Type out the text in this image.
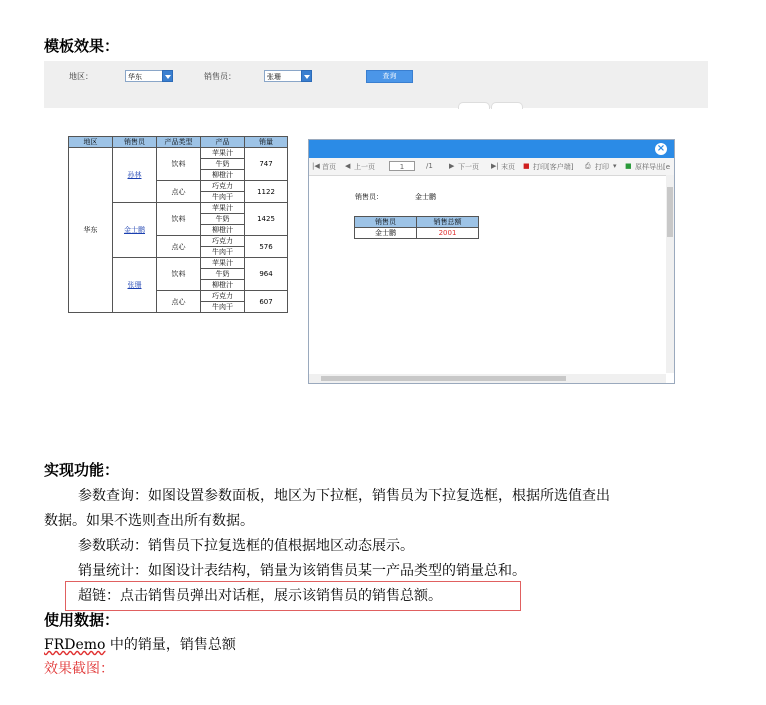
模板效果：
地区：	华东	销售员：	张珊	查询
地区	销售员	产品类型	产品	销量
华东	孙林	饮料	苹果汁	747
			牛奶	
			柳橙汁	
		点心	巧克力	1122
			牛肉干	
	金士鹏	饮料	苹果汁	1425
			牛奶	
			柳橙汁	
		点心	巧克力	576
			牛肉干	
	张珊	饮料	苹果汁	964
			牛奶	
			柳橙汁	
		点心	巧克力	607
			牛肉干	
×
|◀ 首页 ◀ 上一页	1	/1 ▶ 下一页 ▶| 末页 ■ 打印[客户端] ⎙ 打印 ▾ ■ 原样导出[e
销售员：	金士鹏
销售员	销售总额
金士鹏	2001
实现功能：
参数查询：如图设置参数面板，地区为下拉框，销售员为下拉复选框，根据所选值查出
数据。如果不选则查出所有数据。
参数联动：销售员下拉复选框的值根据地区动态展示。
销量统计：如图设计表结构，销量为该销售员某一产品类型的销量总和。
超链：点击销售员弹出对话框，展示该销售员的销售总额。
使用数据：
FRDemo 中的销量，销售总额
效果截图：
